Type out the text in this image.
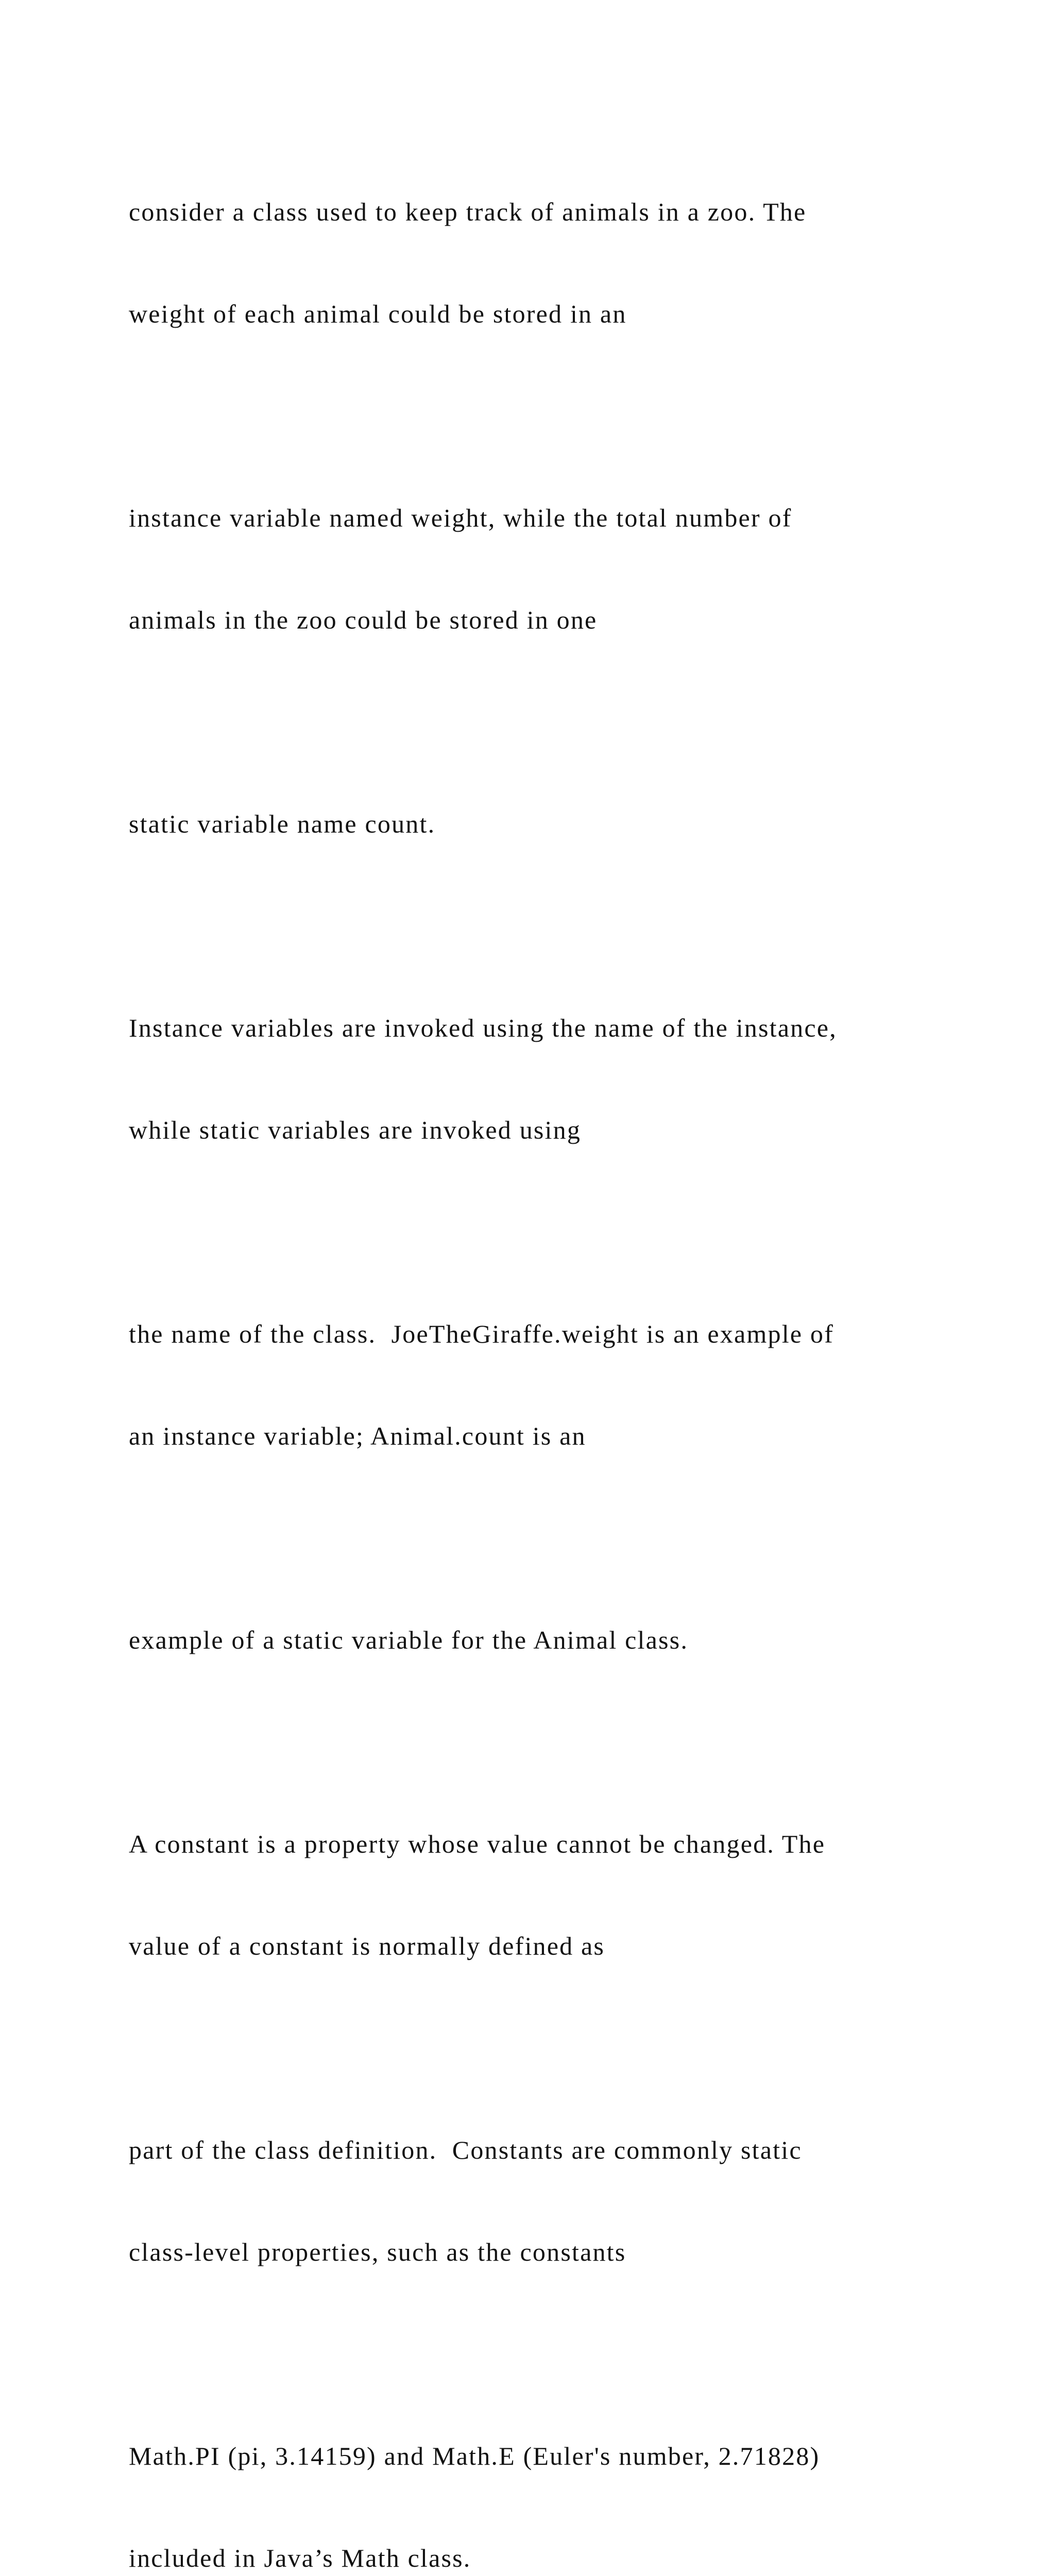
consider a class used to keep track of animals in a zoo. The

weight of each animal could be stored in an

instance variable named weight, while the total number of

animals in the zoo could be stored in one

static variable name count.

Instance variables are invoked using the name of the instance,

while static variables are invoked using

the name of the class.  JoeTheGiraffe.weight is an example of

an instance variable; Animal.count is an

example of a static variable for the Animal class.

A constant is a property whose value cannot be changed. The

value of a constant is normally defined as

part of the class definition.  Constants are commonly static

class-level properties, such as the constants

Math.PI (pi, 3.14159) and Math.E (Euler's number, 2.71828)

included in Java’s Math class.
